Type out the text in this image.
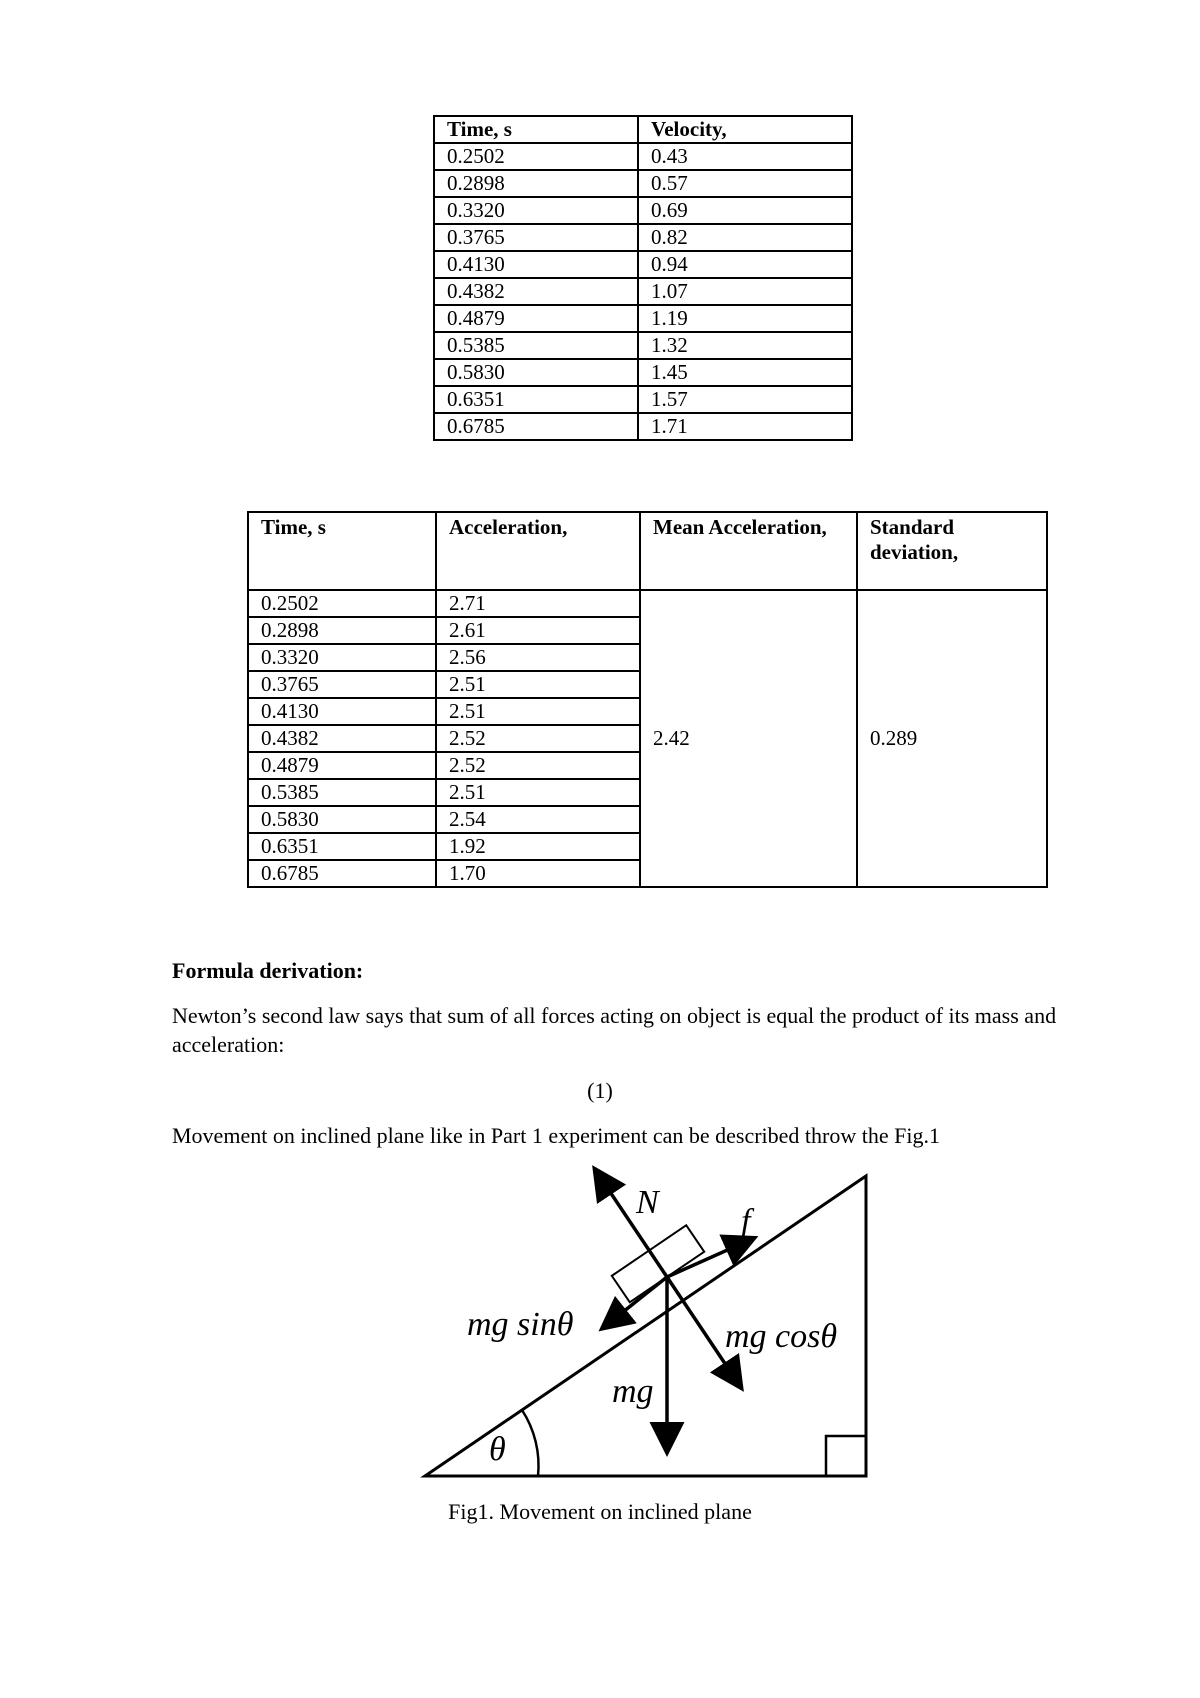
Time, s	Velocity,
0.2502	0.43
0.2898	0.57
0.3320	0.69
0.3765	0.82
0.4130	0.94
0.4382	1.07
0.4879	1.19
0.5385	1.32
0.5830	1.45
0.6351	1.57
0.6785	1.71
Time, s	Acceleration,	Mean Acceleration,	Standard deviation,
0.2502	2.71	2.42	0.289
0.2898	2.61		
0.3320	2.56		
0.3765	2.51		
0.4130	2.51		
0.4382	2.52		
0.4879	2.52		
0.5385	2.51		
0.5830	2.54		
0.6351	1.92		
0.6785	1.70		

Formula derivation:

Newton’s second law says that sum of all forces acting on object is equal the product of its mass and acceleration:

(1)

Movement on inclined plane like in Part 1 experiment can be described throw the Fig.1

N
f
mg sinθ	mg cosθ
mg
θ

Fig1. Movement on inclined plane
